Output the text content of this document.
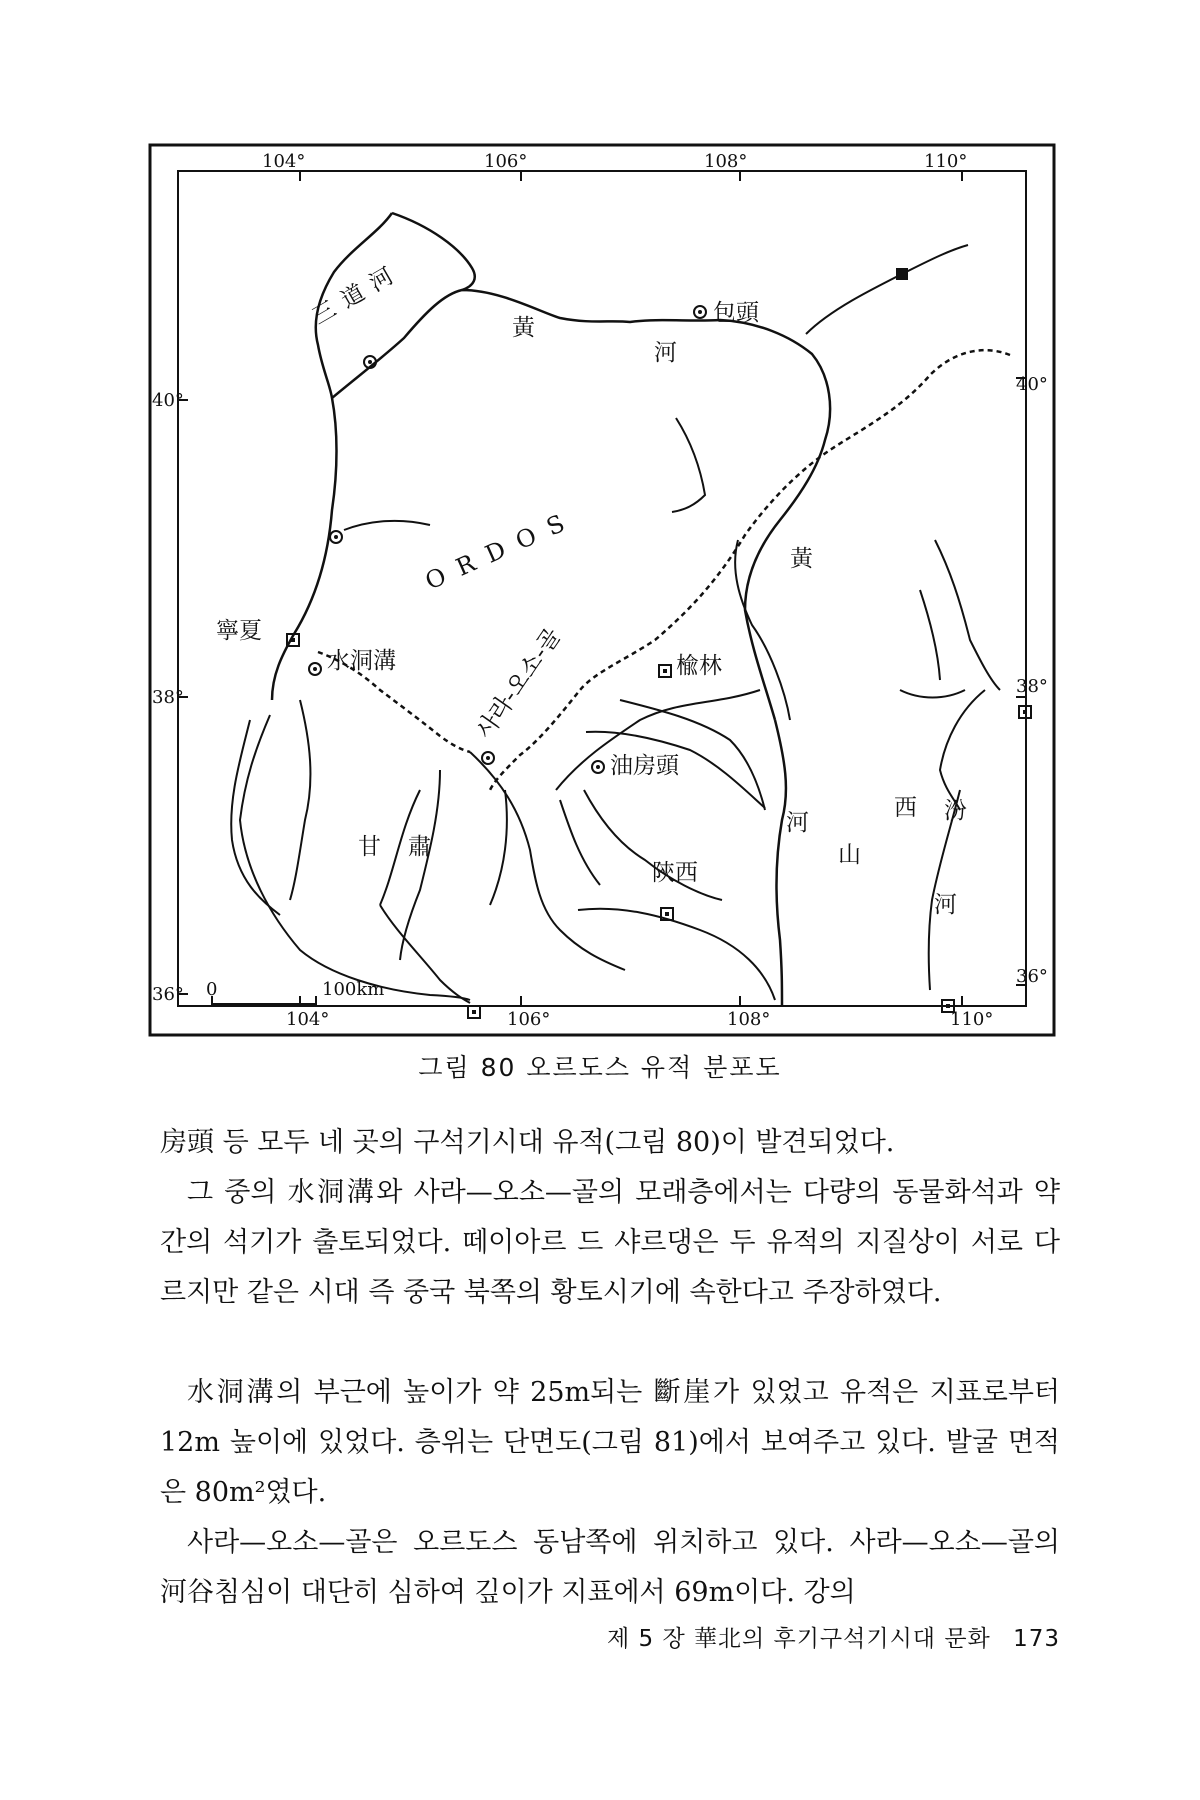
104°	106°	108°	110°
104°	106°	108°	110°
40°
40°
38°
38°
36°
36°
0	100km
三道河	黃
河
包頭
ORDOS	黃
寧夏
水洞溝	사라-오소-골	楡林
油房頭
甘 肅
陝西
河
西
山
汾
河
그림 80 오르도스 유적 분포도

房頭 등 모두 네 곳의 구석기시대 유적(그림 80)이 발견되었다.

그 중의 水洞溝와 사라—오소—골의 모래층에서는 다량의 동물화석과 약간의 석기가 출토되었다. 떼이아르 드 샤르댕은 두 유적의 지질상이 서로 다르지만 같은 시대 즉 중국 북쪽의 황토시기에 속한다고 주장하였다.

水洞溝의 부근에 높이가 약 25m되는 斷崖가 있었고 유적은 지표로부터 12m 높이에 있었다. 층위는 단면도(그림 81)에서 보여주고 있다. 발굴 면적은 80m²였다.

사라—오소—골은 오르도스 동남쪽에 위치하고 있다. 사라—오소—골의 河谷침심이 대단히 심하여 깊이가 지표에서 69m이다. 강의

제 5 장 華北의 후기구석기시대 문화 173
